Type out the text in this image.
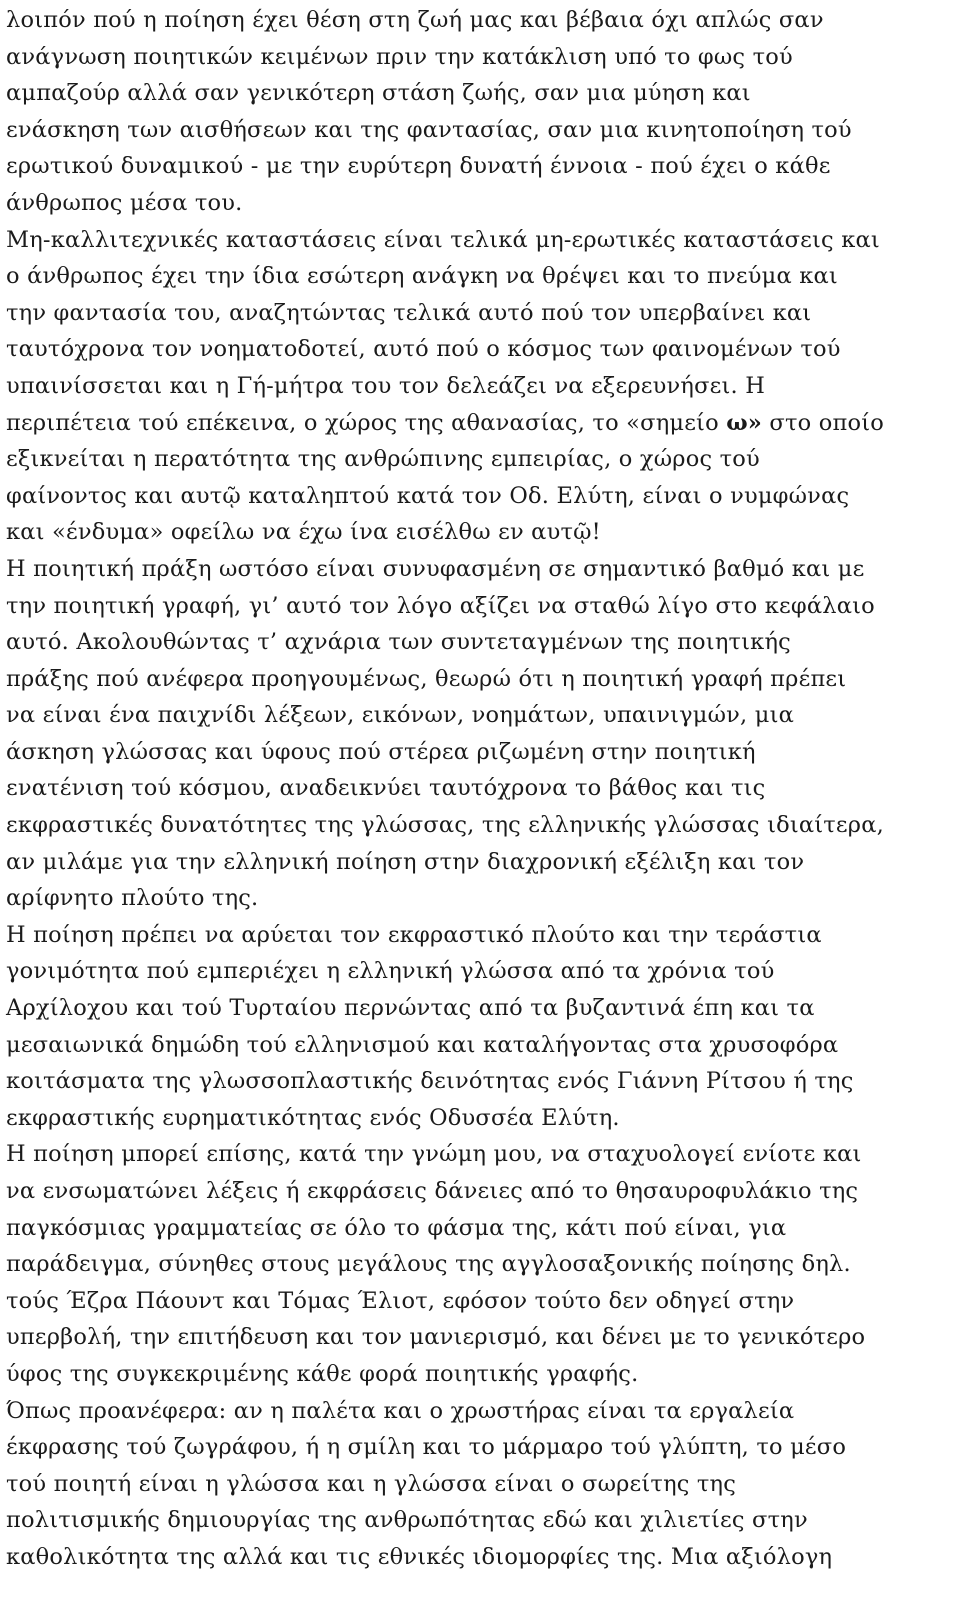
λοιπόν πού η ποίηση έχει θέση στη ζωή μας και βέβαια όχι απλώς σαν
ανάγνωση ποιητικών κειμένων πριν την κατάκλιση υπό το φως τού
αμπαζούρ αλλά σαν γενικότερη στάση ζωής, σαν μια μύηση και
ενάσκηση των αισθήσεων και της φαντασίας, σαν μια κινητοποίηση τού
ερωτικού δυναμικού - με την ευρύτερη δυνατή έννοια - πού έχει ο κάθε
άνθρωπος μέσα του.
Μη-καλλιτεχνικές καταστάσεις είναι τελικά μη-ερωτικές καταστάσεις και
ο άνθρωπος έχει την ίδια εσώτερη ανάγκη να θρέψει και το πνεύμα και
την φαντασία του, αναζητώντας τελικά αυτό πού τον υπερβαίνει και
ταυτόχρονα τον νοηματοδοτεί, αυτό πού ο κόσμος των φαινομένων τού
υπαινίσσεται και η Γή-μήτρα του τον δελεάζει να εξερευνήσει. Η
περιπέτεια τού επέκεινα, ο χώρος της αθανασίας, το «σημείο ω» στο οποίο
εξικνείται η περατότητα της ανθρώπινης εμπειρίας, ο χώρος τού
φαίνοντος και αυτῷ καταληπτού κατά τον Οδ. Ελύτη, είναι ο νυμφώνας
και «ένδυμα» οφείλω να έχω ίνα εισέλθω εν αυτῷ!
Η ποιητική πράξη ωστόσο είναι συνυφασμένη σε σημαντικό βαθμό και με
την ποιητική γραφή, γι’ αυτό τον λόγο αξίζει να σταθώ λίγο στο κεφάλαιο
αυτό. Ακολουθώντας τ’ αχνάρια των συντεταγμένων της ποιητικής
πράξης πού ανέφερα προηγουμένως, θεωρώ ότι η ποιητική γραφή πρέπει
να είναι ένα παιχνίδι λέξεων, εικόνων, νοημάτων, υπαινιγμών, μια
άσκηση γλώσσας και ύφους πού στέρεα ριζωμένη στην ποιητική
ενατένιση τού κόσμου, αναδεικνύει ταυτόχρονα το βάθος και τις
εκφραστικές δυνατότητες της γλώσσας, της ελληνικής γλώσσας ιδιαίτερα,
αν μιλάμε για την ελληνική ποίηση στην διαχρονική εξέλιξη και τον
αρίφνητο πλούτο της.
Η ποίηση πρέπει να αρύεται τον εκφραστικό πλούτο και την τεράστια
γονιμότητα πού εμπεριέχει η ελληνική γλώσσα από τα χρόνια τού
Αρχίλοχου και τού Τυρταίου περνώντας από τα βυζαντινά έπη και τα
μεσαιωνικά δημώδη τού ελληνισμού και καταλήγοντας στα χρυσοφόρα
κοιτάσματα της γλωσσοπλαστικής δεινότητας ενός Γιάννη Ρίτσου ή της
εκφραστικής ευρηματικότητας ενός Οδυσσέα Ελύτη.
Η ποίηση μπορεί επίσης, κατά την γνώμη μου, να σταχυολογεί ενίοτε και
να ενσωματώνει λέξεις ή εκφράσεις δάνειες από το θησαυροφυλάκιο της
παγκόσμιας γραμματείας σε όλο το φάσμα της, κάτι πού είναι, για
παράδειγμα, σύνηθες στους μεγάλους της αγγλοσαξονικής ποίησης δηλ.
τούς Έζρα Πάουντ και Τόμας Έλιοτ, εφόσον τούτο δεν οδηγεί στην
υπερβολή, την επιτήδευση και τον μανιερισμό, και δένει με το γενικότερο
ύφος της συγκεκριμένης κάθε φορά ποιητικής γραφής.
Όπως προανέφερα: αν η παλέτα και ο χρωστήρας είναι τα εργαλεία
έκφρασης τού ζωγράφου, ή η σμίλη και το μάρμαρο τού γλύπτη, το μέσο
τού ποιητή είναι η γλώσσα και η γλώσσα είναι ο σωρείτης της
πολιτισμικής δημιουργίας της ανθρωπότητας εδώ και χιλιετίες στην
καθολικότητα της αλλά και τις εθνικές ιδιομορφίες της. Μια αξιόλογη
